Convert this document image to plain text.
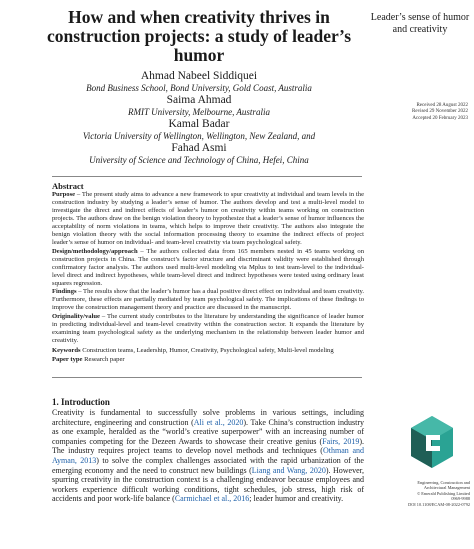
How and when creativity thrives in construction projects: a study of leader’s humor
Leader’s sense of humor and creativity
Received 28 August 2022
Revised 29 November 2022
Accepted 20 February 2023
Ahmad Nabeel Siddiquei
Bond Business School, Bond University, Gold Coast, Australia
Saima Ahmad
RMIT University, Melbourne, Australia
Kamal Badar
Victoria University of Wellington, Wellington, New Zealand, and
Fahad Asmi
University of Science and Technology of China, Hefei, China
Abstract

Purpose – The present study aims to advance a new framework to spur creativity at individual and team levels in the construction industry by studying a leader’s sense of humor. The authors develop and test a multi-level model to investigate the direct and indirect effects of leader’s humor on creativity within teams working on construction projects. The authors draw on the benign violation theory to hypothesize that a leader’s sense of humor influences the acceptability of norm violations in teams, which helps to improve their creativity. The authors also integrate the benign violation theory with the social information processing theory to examine the indirect effects of project leader’s sense of humor on individual- and team-level creativity via team psychological safety.

Design/methodology/approach – The authors collected data from 165 members nested in 45 teams working on construction projects in China. The construct’s factor structure and discriminant validity were established through confirmatory factor analysis. The authors used multi-level modeling via Mplus to test team-level to the individual-level direct and indirect hypotheses, while team-level direct and indirect hypotheses were tested using ordinary least squares regression.

Findings – The results show that the leader’s humor has a dual positive direct effect on individual and team creativity. Furthermore, these effects are partially mediated by team psychological safety. The implications of these findings to improve the construction management theory and practice are discussed in the manuscript.

Originality/value – The current study contributes to the literature by understanding the significance of leader humor in predicting individual-level and team-level creativity within the construction sector. It expands the literature by examining team psychological safety as the underlying mechanism in the relationship between leader humor and creativity.

Keywords Construction teams, Leadership, Humor, Creativity, Psychological safety, Multi-level modeling

Paper type Research paper

1. Introduction

Creativity is fundamental to successfully solve problems in various settings, including architecture, engineering and construction (Ali et al., 2020). Take China’s construction industry as one example, heralded as the “world’s creative superpower” with an increasing number of companies competing for the Dezeen Awards to showcase their creative genius (Fairs, 2019). The industry requires project teams to develop novel methods and techniques (Othman and Ayman, 2013) to solve the complex challenges associated with the rapid urbanization of the emerging economy and the need to construct new buildings (Liang and Wang, 2020). However, spurring creativity in the construction context is a challenging endeavor because employees and workers experience difficult working conditions, tight schedules, job stress, high risk of accidents and poor work-life balance (Carmichael et al., 2016; leader humor and creativity.

Engineering, Construction and
Architectural Management
© Emerald Publishing Limited
0969-9988
DOI 10.1108/ECAM-08-2022-0792
